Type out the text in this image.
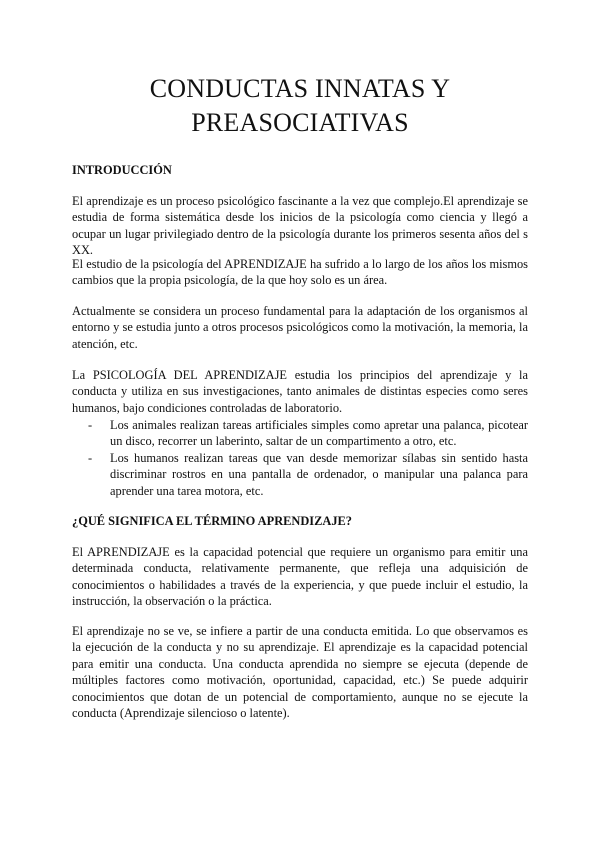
CONDUCTAS INNATAS Y
PREASOCIATIVAS
INTRODUCCIÓN

El aprendizaje es un proceso psicológico fascinante a la vez que complejo.El aprendizaje se estudia de forma sistemática desde los inicios de la psicología como ciencia y llegó a ocupar un lugar privilegiado dentro de la psicología durante los primeros sesenta años del s XX.

El estudio de la psicología del APRENDIZAJE ha sufrido a lo largo de los años los mismos cambios que la propia psicología, de la que hoy solo es un área.

Actualmente se considera un proceso fundamental para la adaptación de los organismos al entorno y se estudia junto a otros procesos psicológicos como la motivación, la memoria, la atención, etc.

La PSICOLOGÍA DEL APRENDIZAJE estudia los principios del aprendizaje y la conducta y utiliza en sus investigaciones, tanto animales de distintas especies como seres humanos, bajo condiciones controladas de laboratorio.

- Los animales realizan tareas artificiales simples como apretar una palanca, picotear un disco, recorrer un laberinto, saltar de un compartimento a otro, etc.
- Los humanos realizan tareas que van desde memorizar sílabas sin sentido hasta discriminar rostros en una pantalla de ordenador, o manipular una palanca para aprender una tarea motora, etc.
¿QUÉ SIGNIFICA EL TÉRMINO APRENDIZAJE?

El APRENDIZAJE es la capacidad potencial que requiere un organismo para emitir una determinada conducta, relativamente permanente, que refleja una adquisición de conocimientos o habilidades a través de la experiencia, y que puede incluir el estudio, la instrucción, la observación o la práctica.

El aprendizaje no se ve, se infiere a partir de una conducta emitida. Lo que observamos es la ejecución de la conducta y no su aprendizaje. El aprendizaje es la capacidad potencial para emitir una conducta. Una conducta aprendida no siempre se ejecuta (depende de múltiples factores como motivación, oportunidad, capacidad, etc.) Se puede adquirir conocimientos que dotan de un potencial de comportamiento, aunque no se ejecute la conducta (Aprendizaje silencioso o latente).
